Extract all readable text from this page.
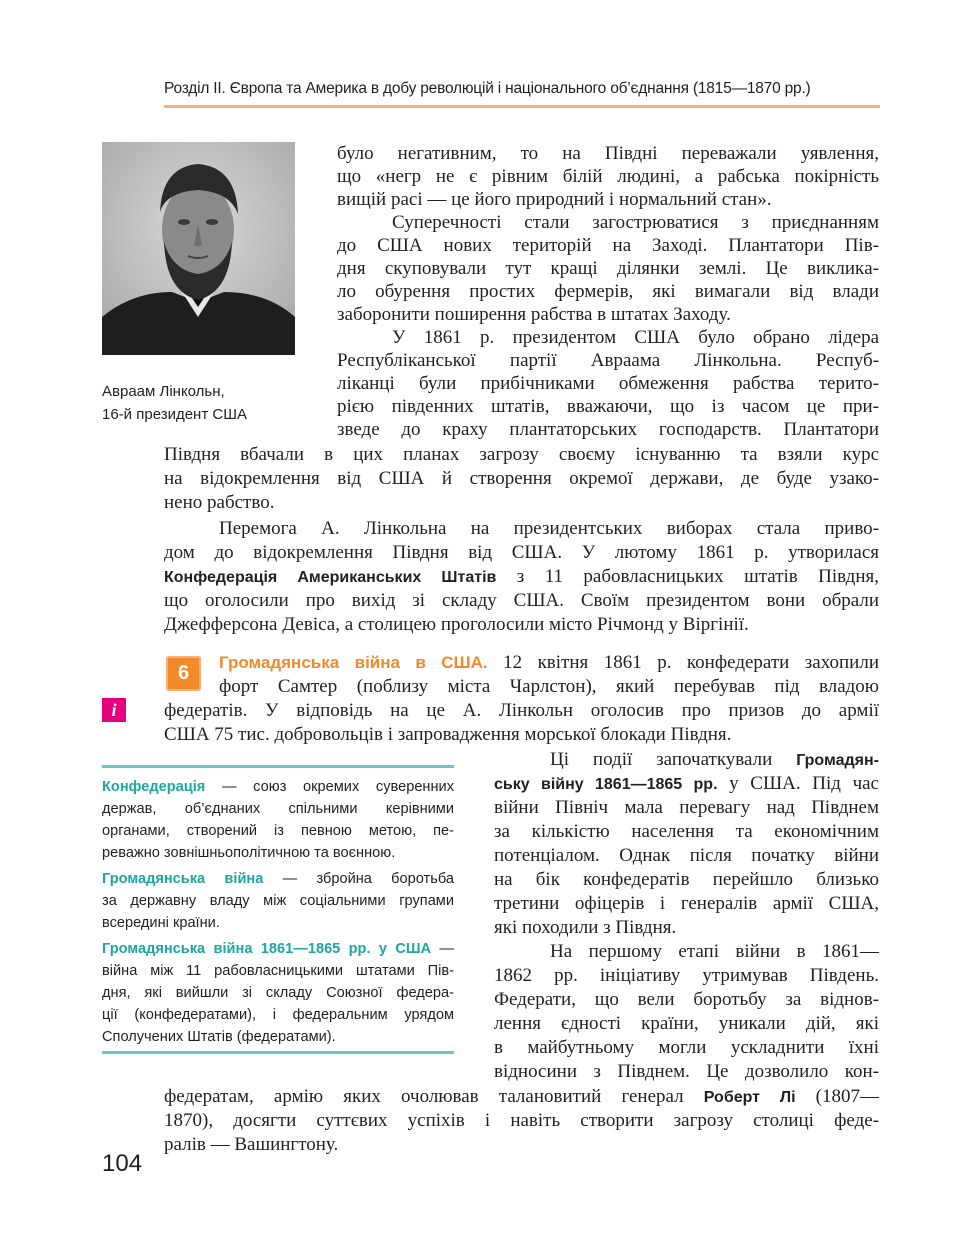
Розділ ІІ. Європа та Америка в добу революцій і національного об’єднання (1815—1870 рр.)
Авраам Лінкольн,
16-й президент США
було негативним, то на Півдні переважали уявлення,
що «негр не є рівним білій людині, а рабська покірність
вищій расі — це його природний і нормальний стан».
Суперечності стали загострюватися з приєднанням
до США нових територій на Заході. Плантатори Пів-
дня скуповували тут кращі ділянки землі. Це викликa-
ло обурення простих фермерів, які вимагали від влади
заборонити поширення рабства в штатах Заходу.
У 1861 р. президентом США було обрано лідера
Республіканської партії Авраама Лінкольна. Респуб-
ліканці були прибічниками обмеження рабства терито-
рією південних штатів, вважаючи, що із часом це при-
зведе до краху плантаторських господарств. Плантатори
Півдня вбачали в цих планах загрозу своєму існуванню та взяли курс
на відокремлення від США й створення окремої держави, де буде узако-
нено рабство.
Перемога А. Лінкольна на президентських виборах стала приво-
дом до відокремлення Півдня від США. У лютому 1861 р. утворилася
Конфедерація Американських Штатів з 11 рабовласницьких штатів Півдня,
що оголосили про вихід зі складу США. Своїм президентом вони обрали
Джефферсона Девіса, а столицею проголосили місто Річмонд у Віргінії.
6	Громадянська війна в США. 12 квітня 1861 р. конфедерати захопили
форт Самтер (поблизу міста Чарлстон), який перебував під владою
i	федератів. У відповідь на це А. Лінкольн оголосив про призов до армії
США 75 тис. добровольців і запровадження морської блокади Півдня.
Ці події започаткували Громадян-
ську війну 1861—1865 рр. у США. Під час
війни Північ мала перевагу над Півднем
за кількістю населення та економічним
потенціалом. Однак після початку війни
на бік конфедератів перейшло близько
третини офіцерів і генералів армії США,
які походили з Півдня.
На першому етапі війни в 1861—
1862 рр. ініціативу утримував Південь.
Федерати, що вели боротьбу за віднов-
лення єдності країни, уникали дій, які
в майбутньому могли ускладнити їхні
відносини з Півднем. Це дозволило кон-
федератам, армію яких очолював талановитий генерал Роберт Лі (1807—
1870), досягти суттєвих успіхів і навіть створити загрозу столиці феде-
ралів — Вашингтону.
Конфедерація — союз окремих суверенних
держав, об’єднаних спільними керівними
органами, створений із певною метою, пе-
реважно зовнішньополітичною та воєнною.
Громадянська війна — збройна боротьба
за державну владу між соціальними групами
всередині країни.
Громадянська війна 1861—1865 рр. у США —
війна між 11 рабовласницькими штатами Пів-
дня, які вийшли зі складу Союзної федера-
ції (конфедератами), і федеральним урядом
Сполучених Штатів (федератами).
104
